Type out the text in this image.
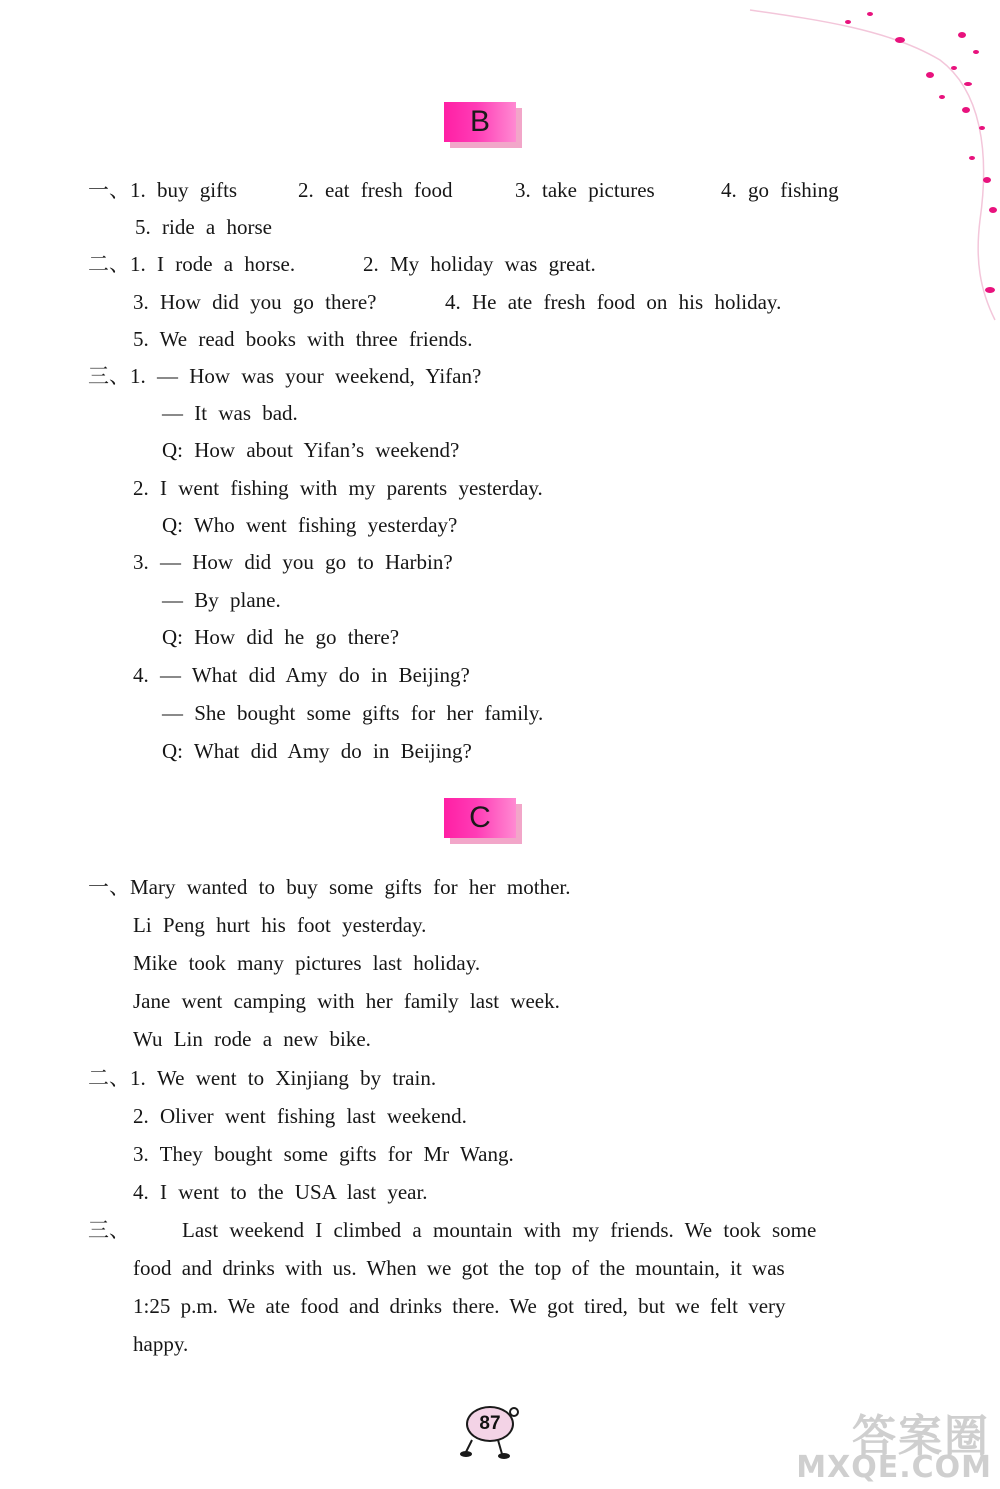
B
一、1. buy gifts	2. eat fresh food	3. take pictures	4. go fishing
5. ride a horse
二、1. I rode a horse.	2. My holiday was great.
3. How did you go there?	4. He ate fresh food on his holiday.
5. We read books with three friends.
三、1. — How was your weekend, Yifan?
— It was bad.
Q: How about Yifan’s weekend?
2. I went fishing with my parents yesterday.
Q: Who went fishing yesterday?
3. — How did you go to Harbin?
— By plane.
Q: How did he go there?
4. — What did Amy do in Beijing?
— She bought some gifts for her family.
Q: What did Amy do in Beijing?
C
一、Mary wanted to buy some gifts for her mother.
Li Peng hurt his foot yesterday.
Mike took many pictures last holiday.
Jane went camping with her family last week.
Wu Lin rode a new bike.
二、1. We went to Xinjiang by train.
2. Oliver went fishing last weekend.
3. They bought some gifts for Mr Wang.
4. I went to the USA last year.
三、 Last weekend I climbed a mountain with my friends. We took some
food and drinks with us. When we got the top of the mountain, it was
1:25 p.m. We ate food and drinks there. We got tired, but we felt very
happy.
87	答案圈
MXQE.COM
